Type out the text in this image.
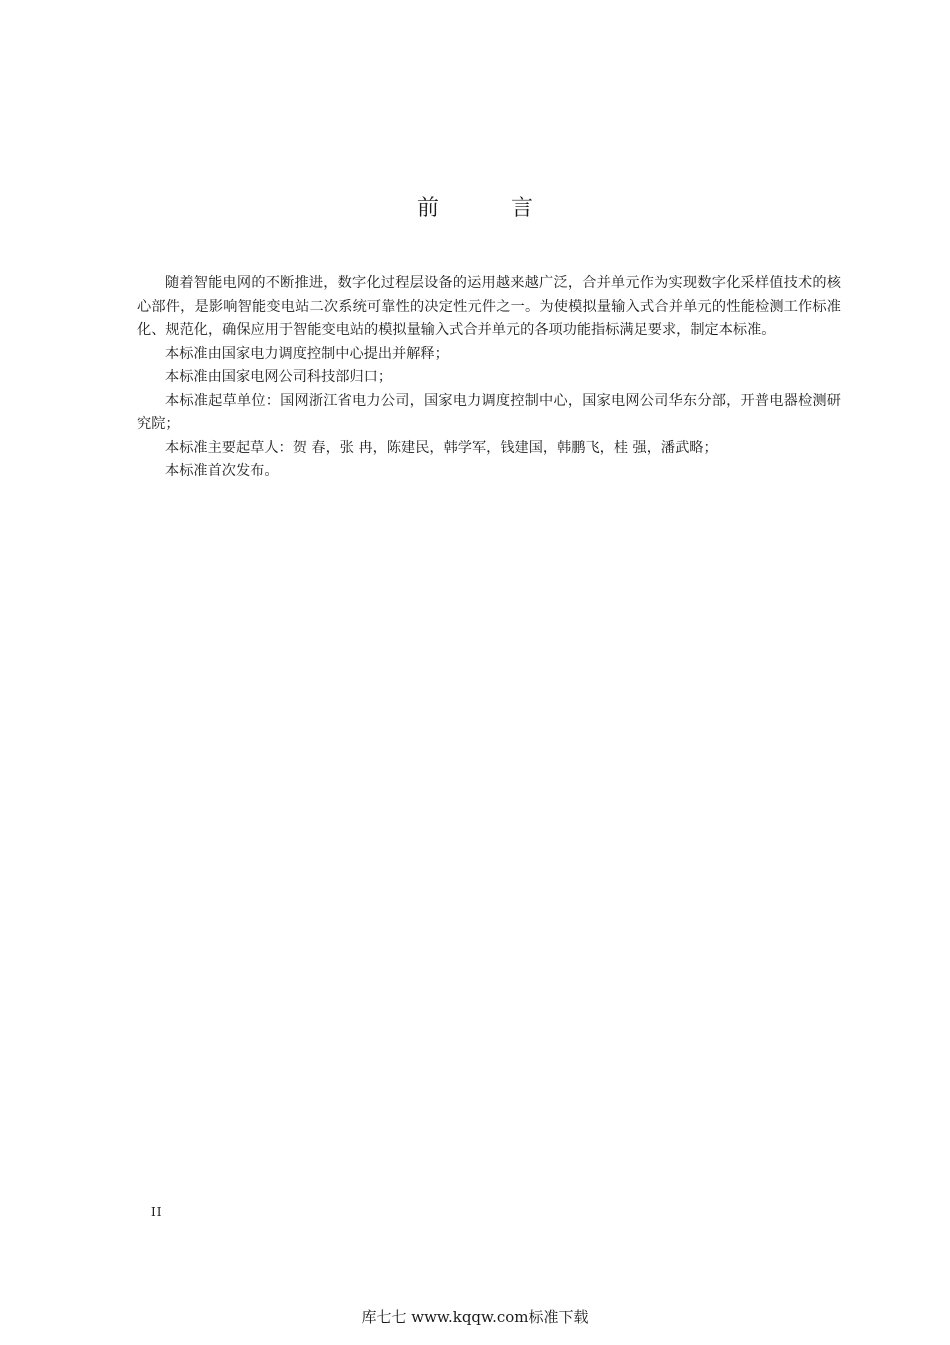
前言

随着智能电网的不断推进，数字化过程层设备的运用越来越广泛，合并单元作为实现数字化采样值技术的核心部件，是影响智能变电站二次系统可靠性的决定性元件之一。为使模拟量输入式合并单元的性能检测工作标准化、规范化，确保应用于智能变电站的模拟量输入式合并单元的各项功能指标满足要求，制定本标准。

本标准由国家电力调度控制中心提出并解释；

本标准由国家电网公司科技部归口；

本标准起草单位：国网浙江省电力公司，国家电力调度控制中心，国家电网公司华东分部，开普电器检测研究院；

本标准主要起草人：贺 春，张 冉，陈建民，韩学军，钱建国，韩鹏飞，桂 强，潘武略；

本标准首次发布。

II
库七七 www.kqqw.com标准下载
